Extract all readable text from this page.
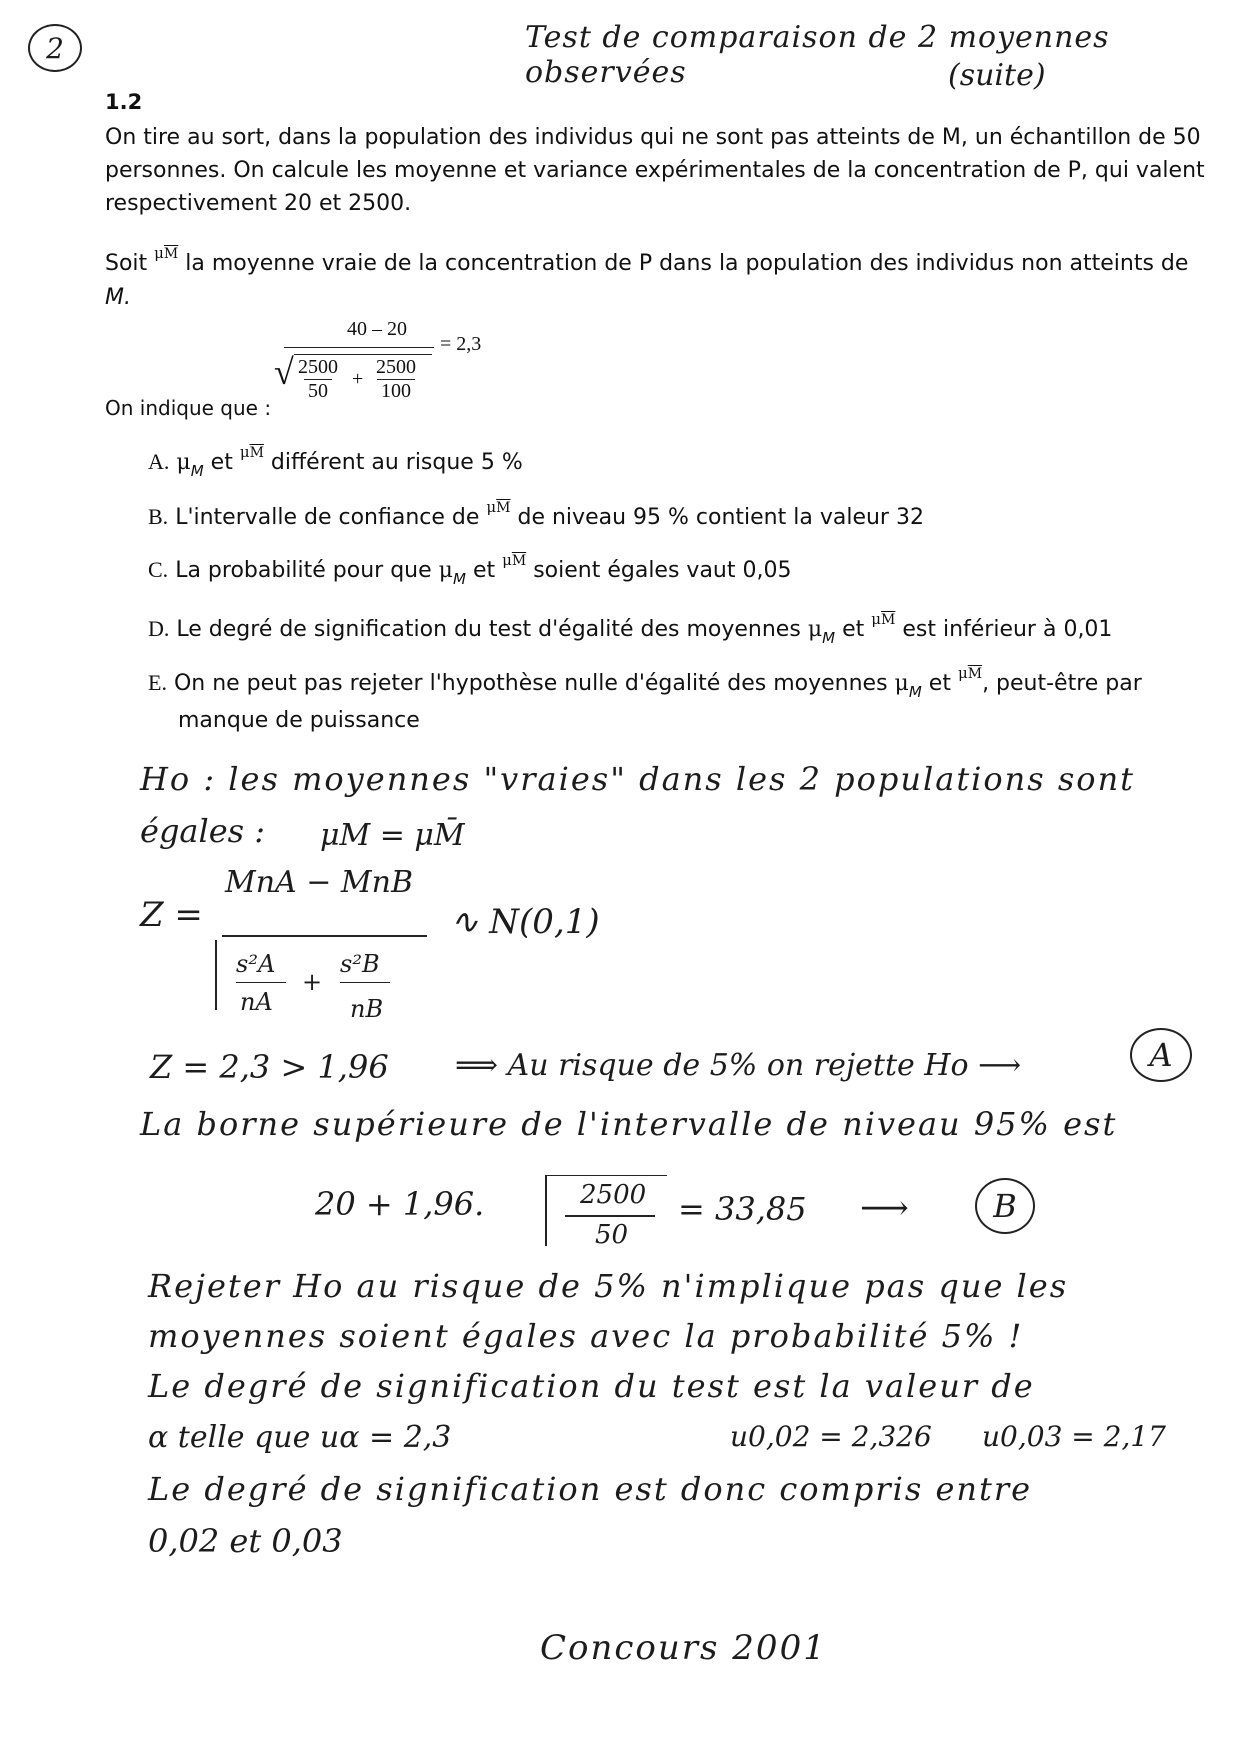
2	Test de comparaison de 2 moyennes observées	(suite)
1.2
On tire au sort, dans la population des individus qui ne sont pas atteints de M, un échantillon de 50
personnes. On calcule les moyenne et variance expérimentales de la concentration de P, qui valent
respectivement 20 et 2500.
Soit $^{\mu\overline{M}}$ la moyenne vraie de la concentration de P dans la population des individus non atteints de
M.
40 – 20
= 2,3
√ $\frac{2500}{50} + \frac{2500}{100}$
On indique que :
A. $\mu_M$ et $^{\mu\overline{M}}$ différent au risque 5 %
B. L'intervalle de confiance de $^{\mu\overline{M}}$ de niveau 95 % contient la valeur 32
C. La probabilité pour que $\mu_M$ et $^{\mu\overline{M}}$ soient égales vaut 0,05
D. Le degré de signification du test d'égalité des moyennes $\mu_M$ et $^{\mu\overline{M}}$ est inférieur à 0,01
E. On ne peut pas rejeter l'hypothèse nulle d'égalité des moyennes $\mu_M$ et $^{\mu\overline{M}}$, peut-être par
manque de puissance
Ho : les moyennes "vraies" dans les 2 populations sont
égales : μM = μM̄
Z =
MnA − MnB
s²A
nA
+
s²B
nB
∿ N(0,1)
Z = 2,3 > 1,96 ⟹ Au risque de 5% on rejette Ho ⟶	A
La borne supérieure de l'intervalle de niveau 95% est
20 + 1,96.	2500
50
= 33,85 ⟶	B
Rejeter Ho au risque de 5% n'implique pas que les
moyennes soient égales avec la probabilité 5% !
Le degré de signification du test est la valeur de
α telle que uα = 2,3	u0,02 = 2,326 u0,03 = 2,17
Le degré de signification est donc compris entre
0,02 et 0,03
Concours 2001
